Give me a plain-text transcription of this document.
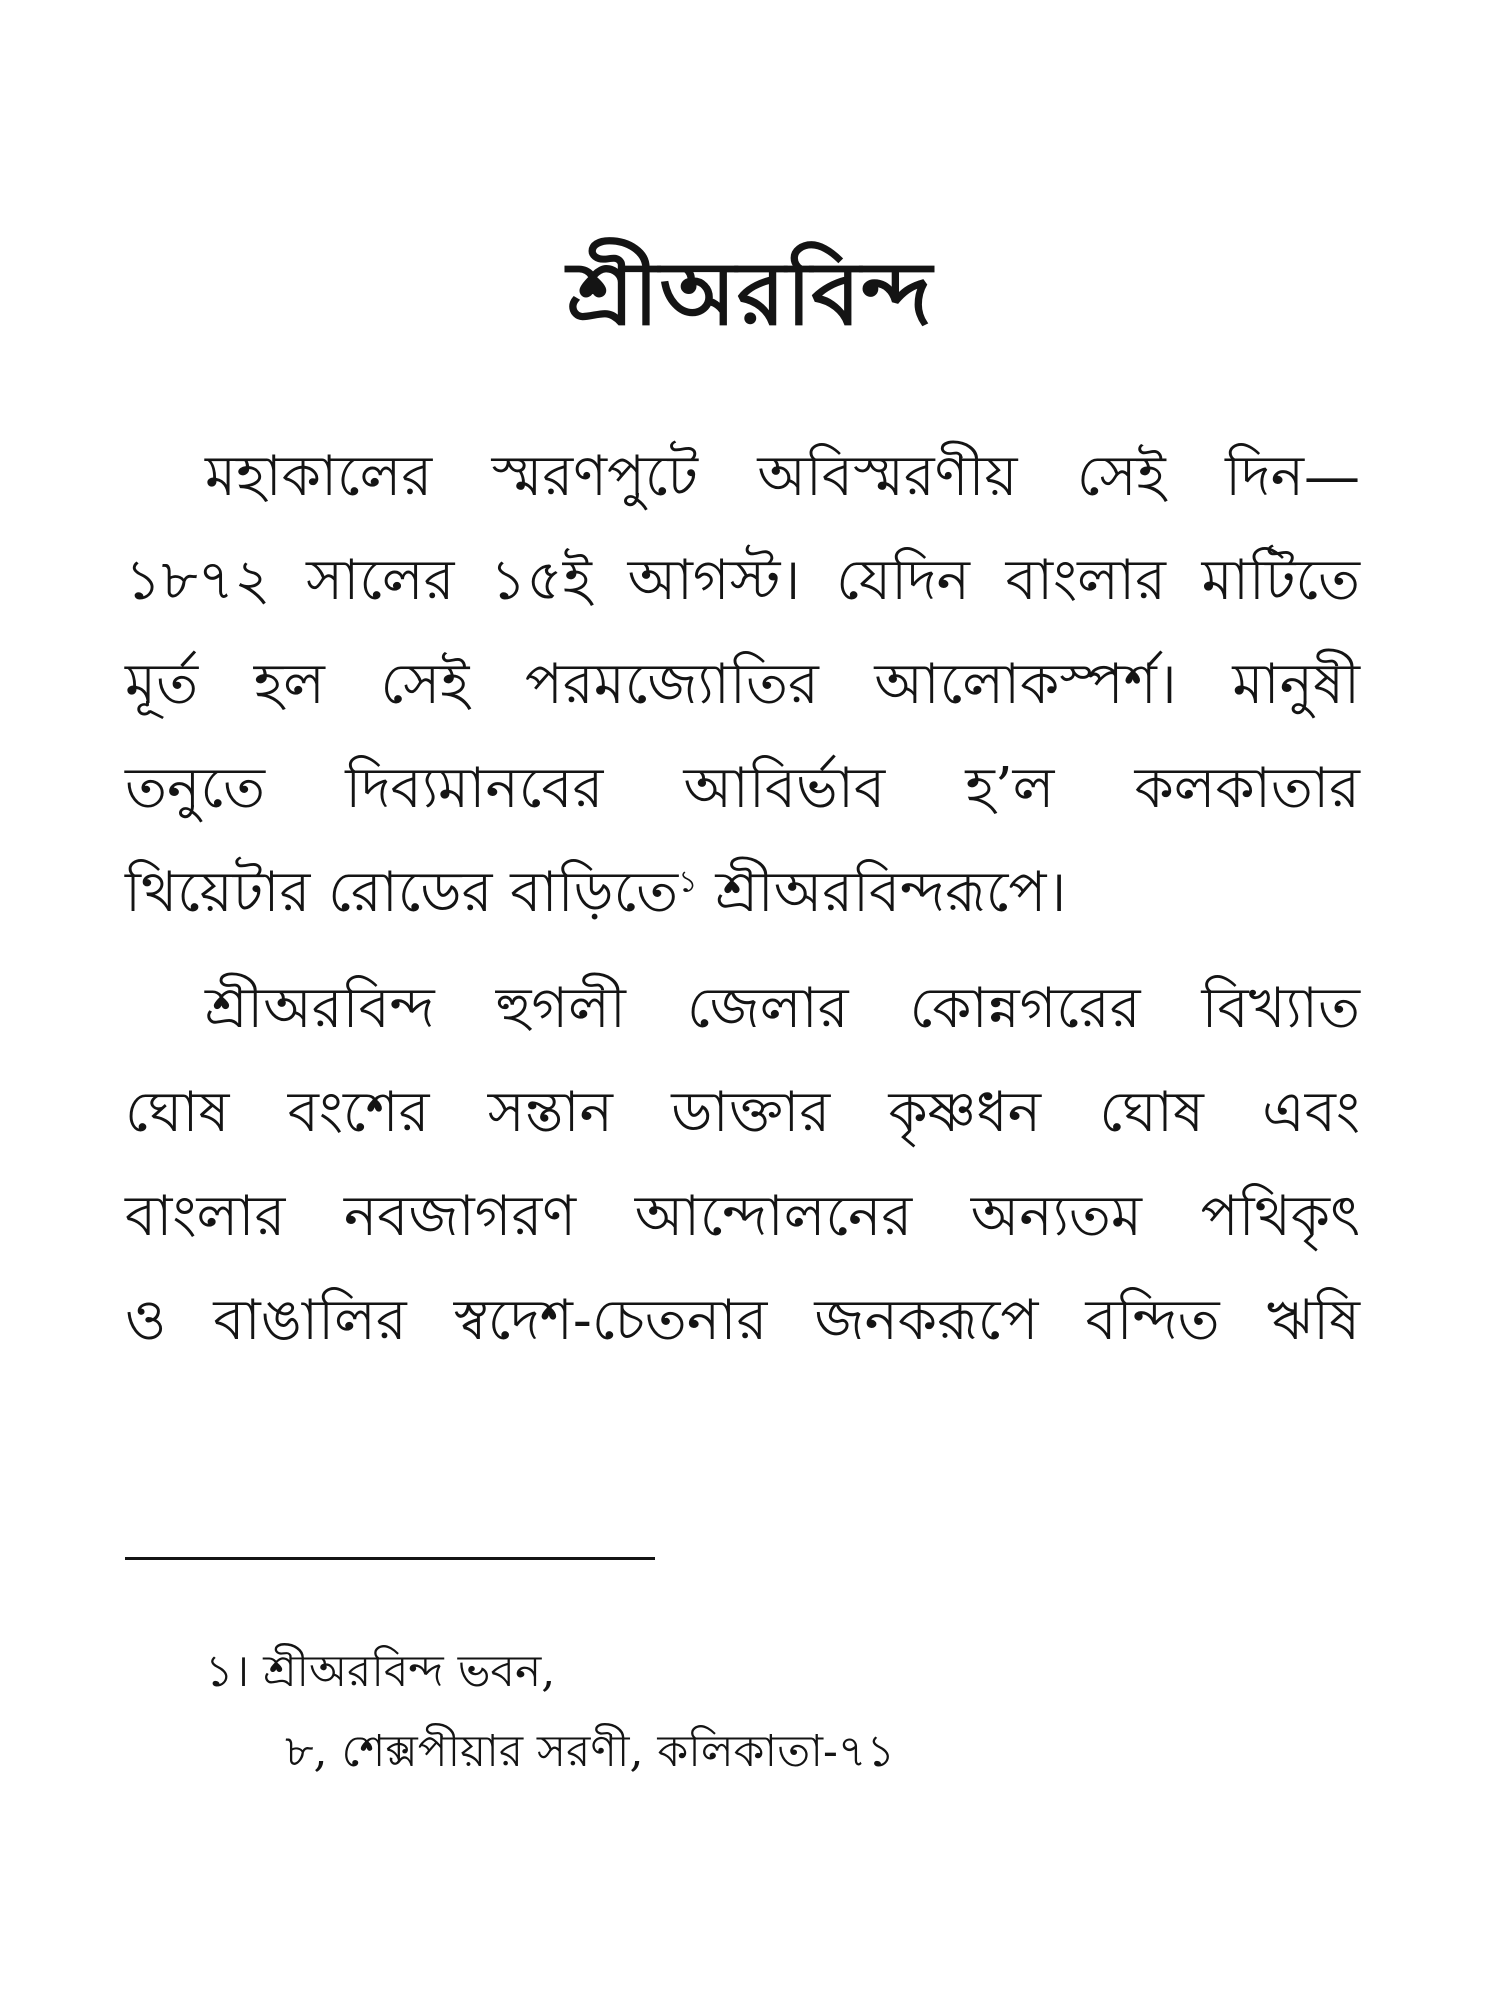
শ্রীঅরবিন্দ
মহাকালের স্মরণপুটে অবিস্মরণীয় সেই দিন—
১৮৭২ সালের ১৫ই আগস্ট। যেদিন বাংলার মাটিতে
মূর্ত হল সেই পরমজ্যোতির আলোকস্পর্শ। মানুষী
তনুতে দিব্যমানবের আবির্ভাব হ’ল কলকাতার
থিয়েটার রোডের বাড়িতে$^১$ শ্রীঅরবিন্দরূপে।
শ্রীঅরবিন্দ হুগলী জেলার কোন্নগরের বিখ্যাত
ঘোষ বংশের সন্তান ডাক্তার কৃষ্ণধন ঘোষ এবং
বাংলার নবজাগরণ আন্দোলনের অন্যতম পথিকৃৎ
ও বাঙালির স্বদেশ-চেতনার জনকরূপে বন্দিত ঋষি
১। শ্রীঅরবিন্দ ভবন,
৮, শেক্সপীয়ার সরণী, কলিকাতা-৭১
